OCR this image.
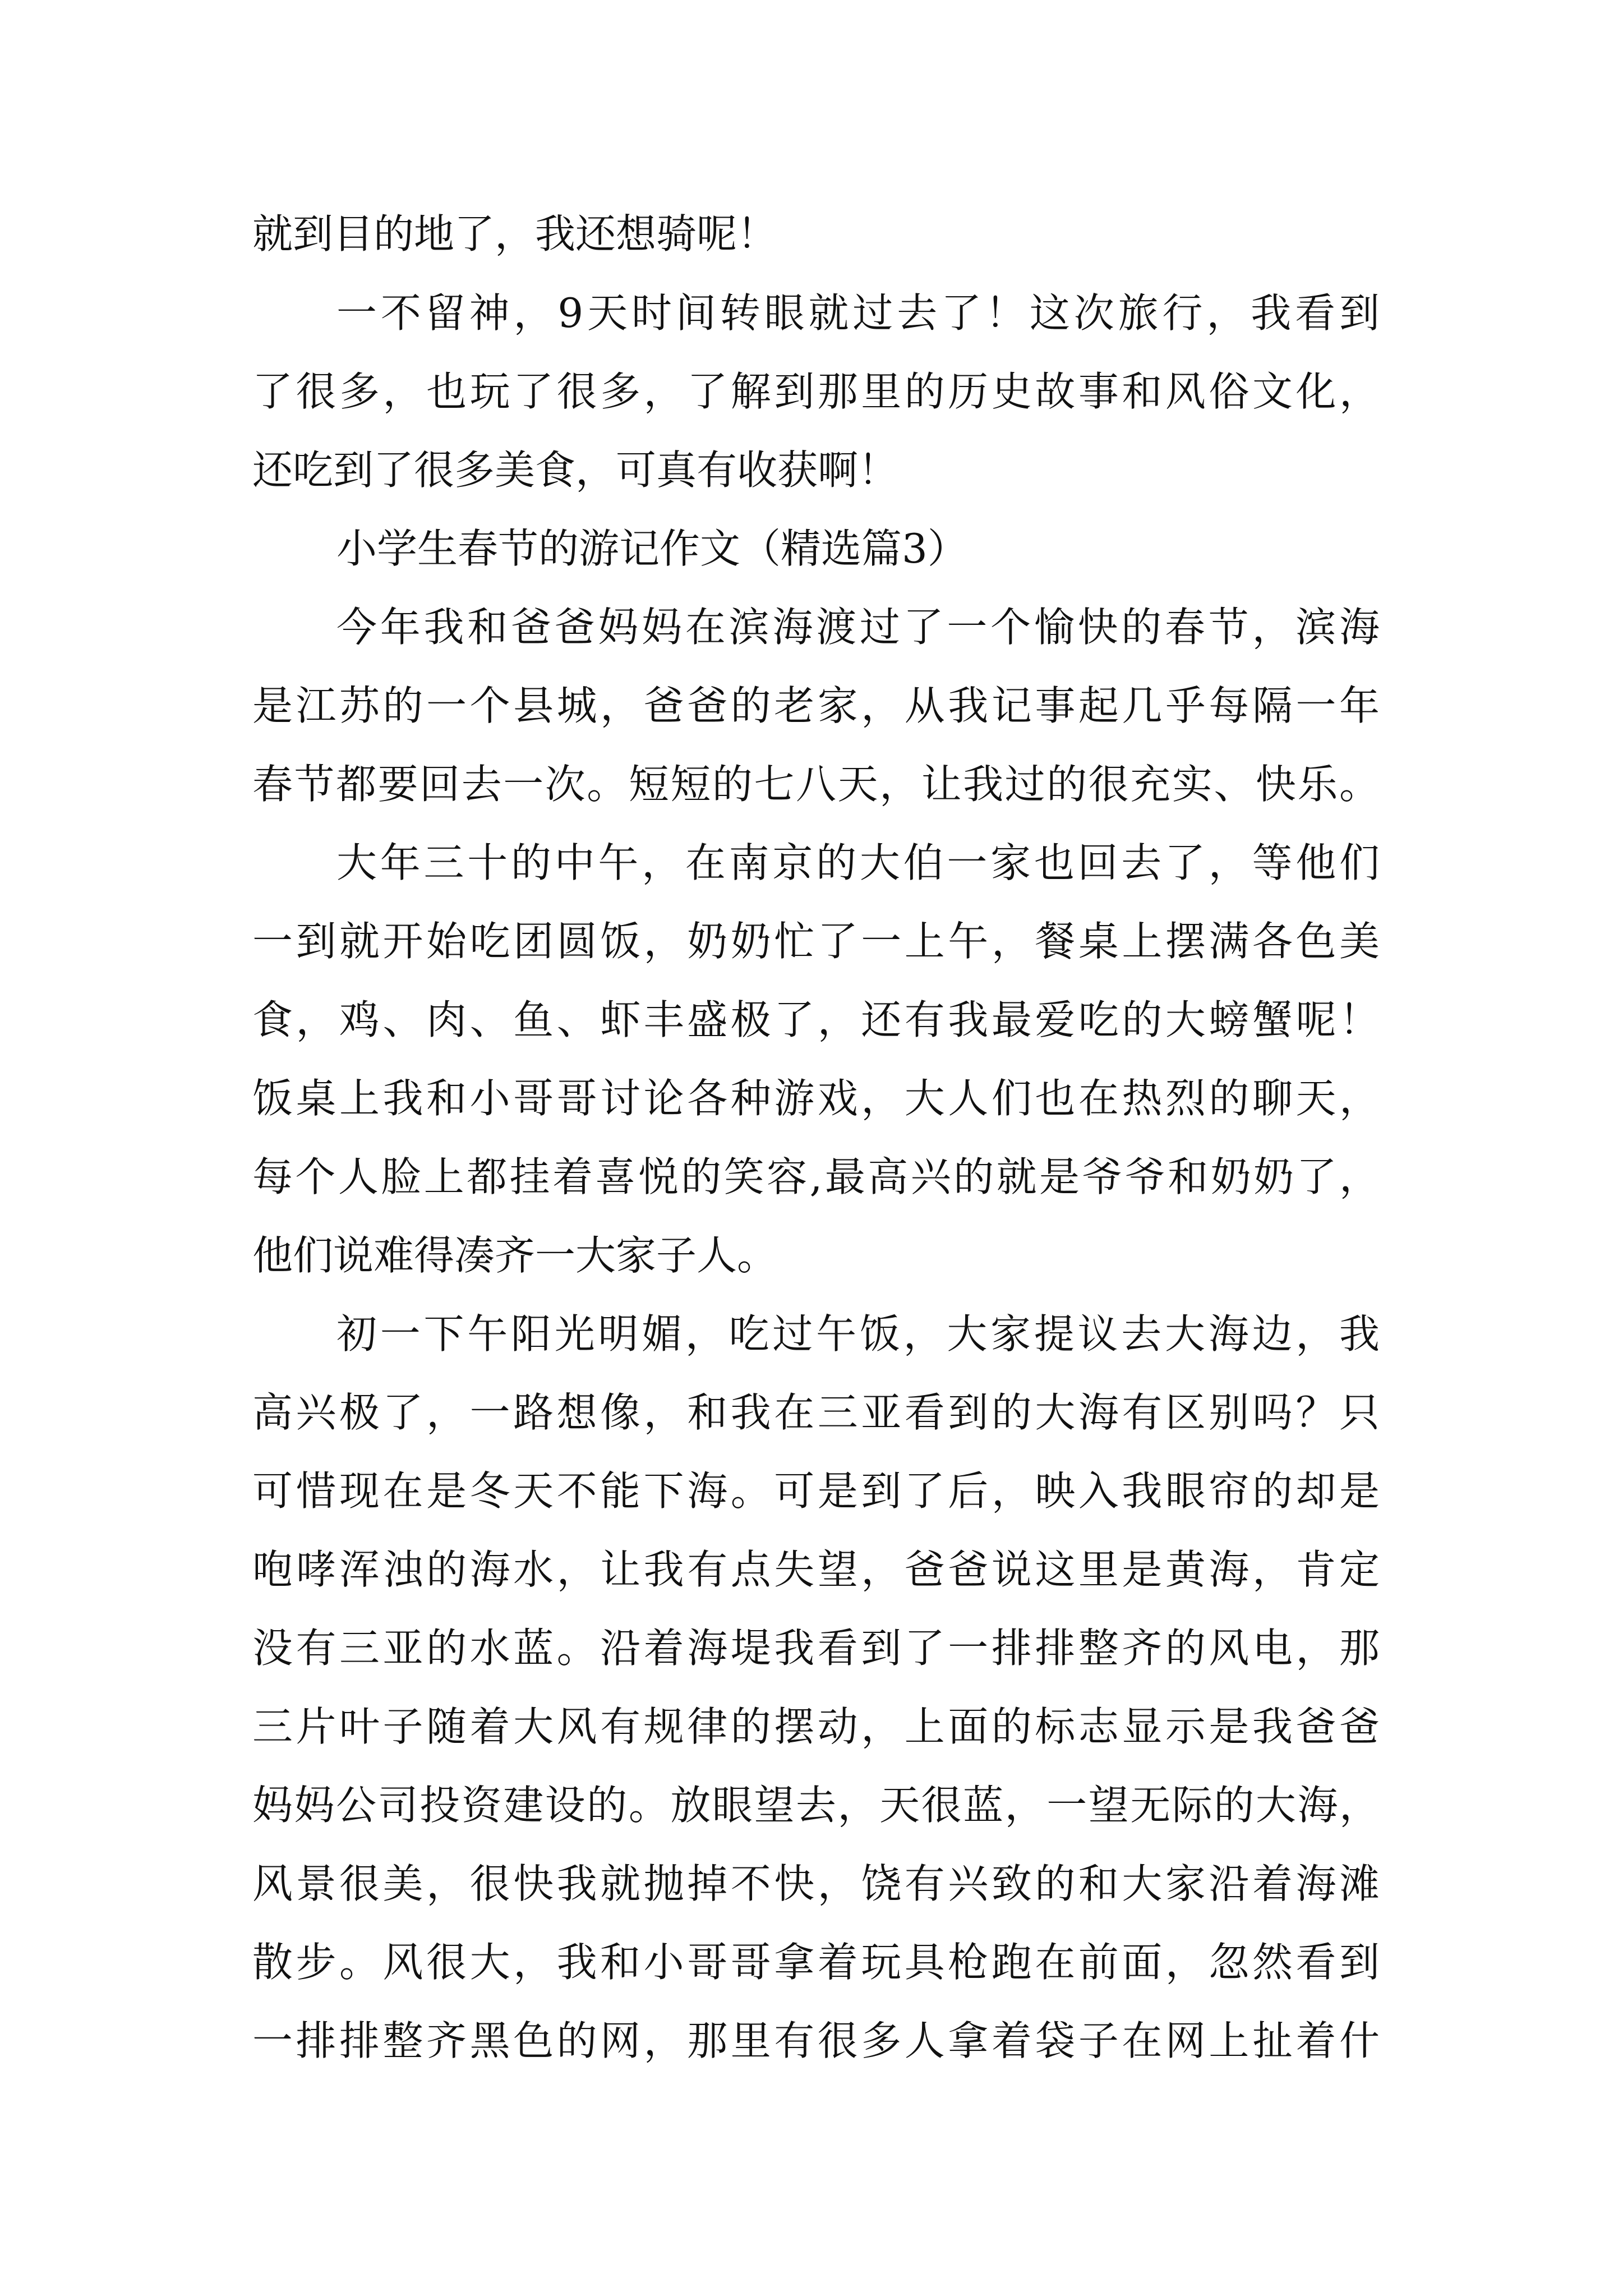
就到目的地了，我还想骑呢！

一不留神，9天时间转眼就过去了！这次旅行，我看到

了很多，也玩了很多，了解到那里的历史故事和风俗文化，

还吃到了很多美食，可真有收获啊！

小学生春节的游记作文（精选篇3）

今年我和爸爸妈妈在滨海渡过了一个愉快的春节，滨海

是江苏的一个县城，爸爸的老家，从我记事起几乎每隔一年

春节都要回去一次。短短的七八天，让我过的很充实、快乐。

大年三十的中午，在南京的大伯一家也回去了，等他们

一到就开始吃团圆饭，奶奶忙了一上午，餐桌上摆满各色美

食，鸡、肉、鱼、虾丰盛极了，还有我最爱吃的大螃蟹呢！

饭桌上我和小哥哥讨论各种游戏，大人们也在热烈的聊天，

每个人脸上都挂着喜悦的笑容,最高兴的就是爷爷和奶奶了，

他们说难得凑齐一大家子人。

初一下午阳光明媚，吃过午饭，大家提议去大海边，我

高兴极了，一路想像，和我在三亚看到的大海有区别吗？只

可惜现在是冬天不能下海。可是到了后，映入我眼帘的却是

咆哮浑浊的海水，让我有点失望，爸爸说这里是黄海，肯定

没有三亚的水蓝。沿着海堤我看到了一排排整齐的风电，那

三片叶子随着大风有规律的摆动，上面的标志显示是我爸爸

妈妈公司投资建设的。放眼望去，天很蓝，一望无际的大海，

风景很美，很快我就抛掉不快，饶有兴致的和大家沿着海滩

散步。风很大，我和小哥哥拿着玩具枪跑在前面，忽然看到

一排排整齐黑色的网，那里有很多人拿着袋子在网上扯着什
